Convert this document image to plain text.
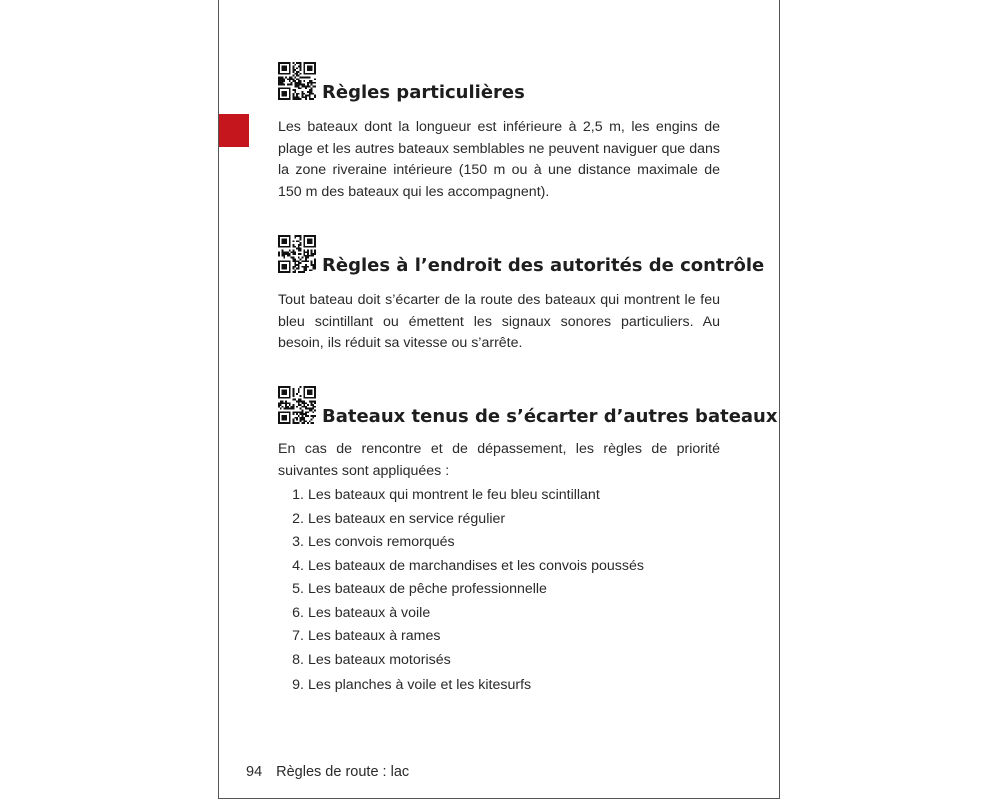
Règles particulières

Les bateaux dont la longueur est inférieure à 2,5 m, les engins de plage et les autres bateaux semblables ne peuvent naviguer que dans la zone riveraine intérieure (150 m ou à une distance maximale de 150 m des bateaux qui les accompagnent).

Règles à l’endroit des autorités de contrôle

Tout bateau doit s’écarter de la route des bateaux qui montrent le feu bleu scintillant ou émettent les signaux sonores particuliers. Au besoin, ils réduit sa vitesse ou s’arrête.

Bateaux tenus de s’écarter d’autres bateaux

En cas de rencontre et de dépassement, les règles de priorité suivantes sont appliquées :

1. Les bateaux qui montrent le feu bleu scintillant
2. Les bateaux en service régulier
3. Les convois remorqués
4. Les bateaux de marchandises et les convois poussés
5. Les bateaux de pêche professionnelle
6. Les bateaux à voile
7. Les bateaux à rames
8. Les bateaux motorisés
9. Les planches à voile et les kitesurfs
94 Règles de route : lac
